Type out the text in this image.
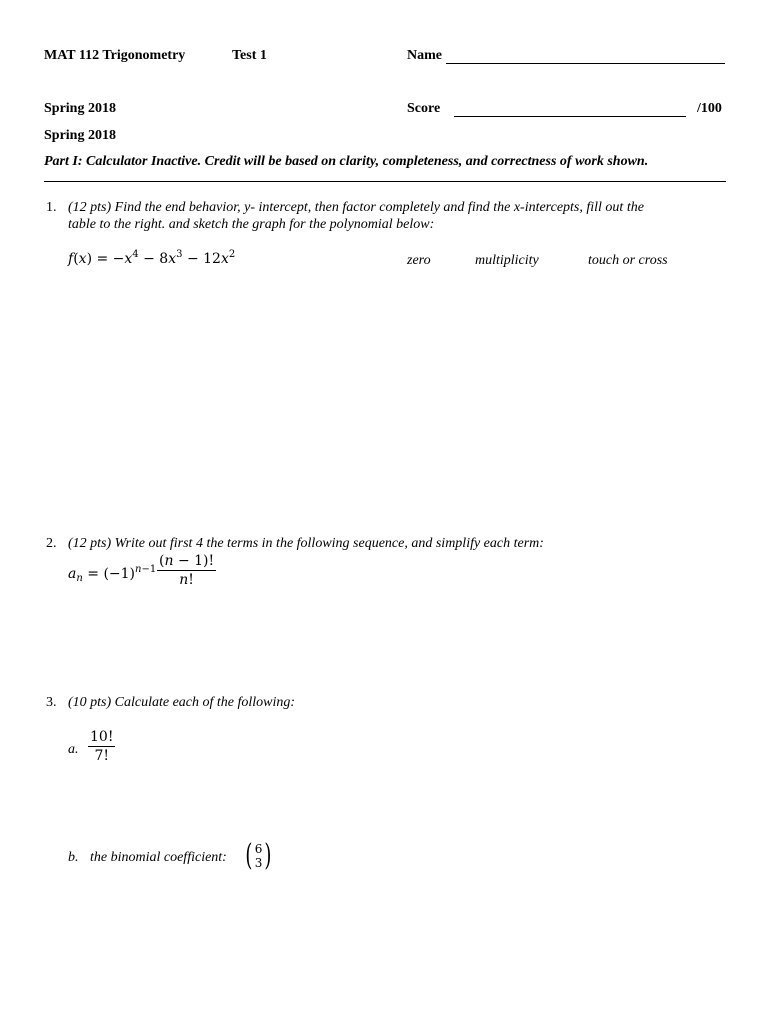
MAT 112 Trigonometry	Test 1	Name
Spring 2018	Score	/100
Spring 2018
Part I: Calculator Inactive. Credit will be based on clarity, completeness, and correctness of work shown.
1. (12 pts) Find the end behavior, y- intercept, then factor completely and find the x-intercepts, fill out the
table to the right. and sketch the graph for the polynomial below:
$f(x) = -x^4 - 8x^3 - 12x^2$	zero	multiplicity	touch or cross
2. (12 pts) Write out first 4 the terms in the following sequence, and simplify each term:
$a_n = (-1)^{n-1} \frac{(n - 1)!}{n!}$
3. (10 pts) Calculate each of the following:
a. $\frac{10!}{7!}$
b. the binomial coefficient: ( 6
3 )
